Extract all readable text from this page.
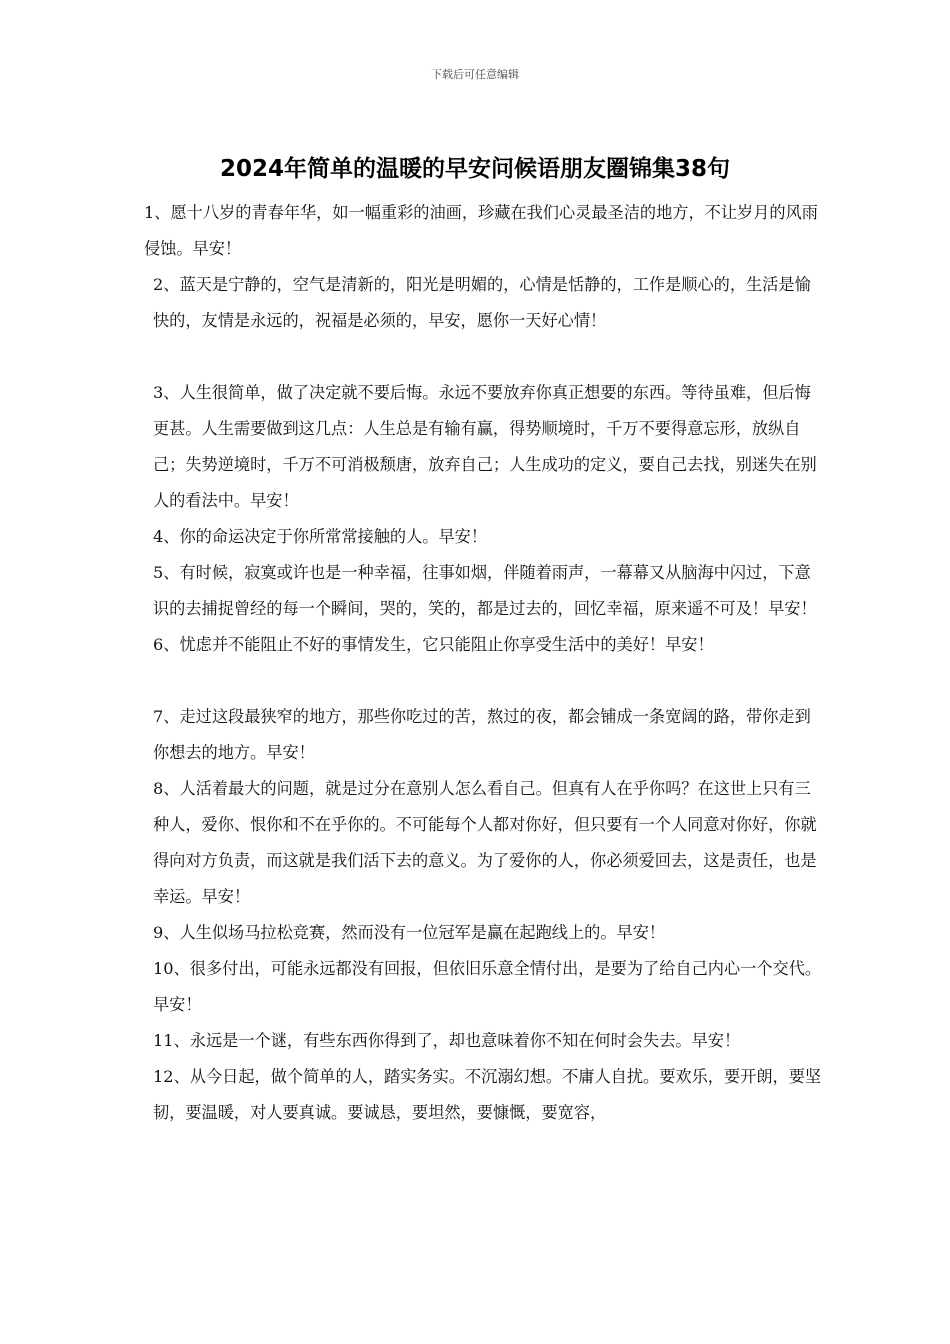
下载后可任意编辑
2024年简单的温暖的早安问候语朋友圈锦集38句

1、愿十八岁的青春年华，如一幅重彩的油画，珍藏在我们心灵最圣洁的地方，不让岁月的风雨侵蚀。早安！

2、蓝天是宁静的，空气是清新的，阳光是明媚的，心情是恬静的，工作是顺心的，生活是愉快的，友情是永远的，祝福是必须的，早安，愿你一天好心情！

3、人生很简单，做了决定就不要后悔。永远不要放弃你真正想要的东西。等待虽难，但后悔更甚。人生需要做到这几点：人生总是有输有赢，得势顺境时，千万不要得意忘形，放纵自己；失势逆境时，千万不可消极颓唐，放弃自己；人生成功的定义，要自己去找，别迷失在别人的看法中。早安！

4、你的命运决定于你所常常接触的人。早安！

5、有时候，寂寞或许也是一种幸福，往事如烟，伴随着雨声，一幕幕又从脑海中闪过，下意识的去捕捉曾经的每一个瞬间，哭的，笑的，都是过去的，回忆幸福，原来遥不可及！早安！

6、忧虑并不能阻止不好的事情发生，它只能阻止你享受生活中的美好！早安！

7、走过这段最狭窄的地方，那些你吃过的苦，熬过的夜，都会铺成一条宽阔的路，带你走到你想去的地方。早安！

8、人活着最大的问题，就是过分在意别人怎么看自己。但真有人在乎你吗？在这世上只有三种人，爱你、恨你和不在乎你的。不可能每个人都对你好，但只要有一个人同意对你好，你就得向对方负责，而这就是我们活下去的意义。为了爱你的人，你必须爱回去，这是责任，也是幸运。早安！

9、人生似场马拉松竞赛，然而没有一位冠军是赢在起跑线上的。早安！

10、很多付出，可能永远都没有回报，但依旧乐意全情付出，是要为了给自己内心一个交代。早安！

11、永远是一个谜，有些东西你得到了，却也意味着你不知在何时会失去。早安！

12、从今日起，做个简单的人，踏实务实。不沉溺幻想。不庸人自扰。要欢乐，要开朗，要坚韧，要温暖，对人要真诚。要诚恳，要坦然，要慷慨，要宽容，
